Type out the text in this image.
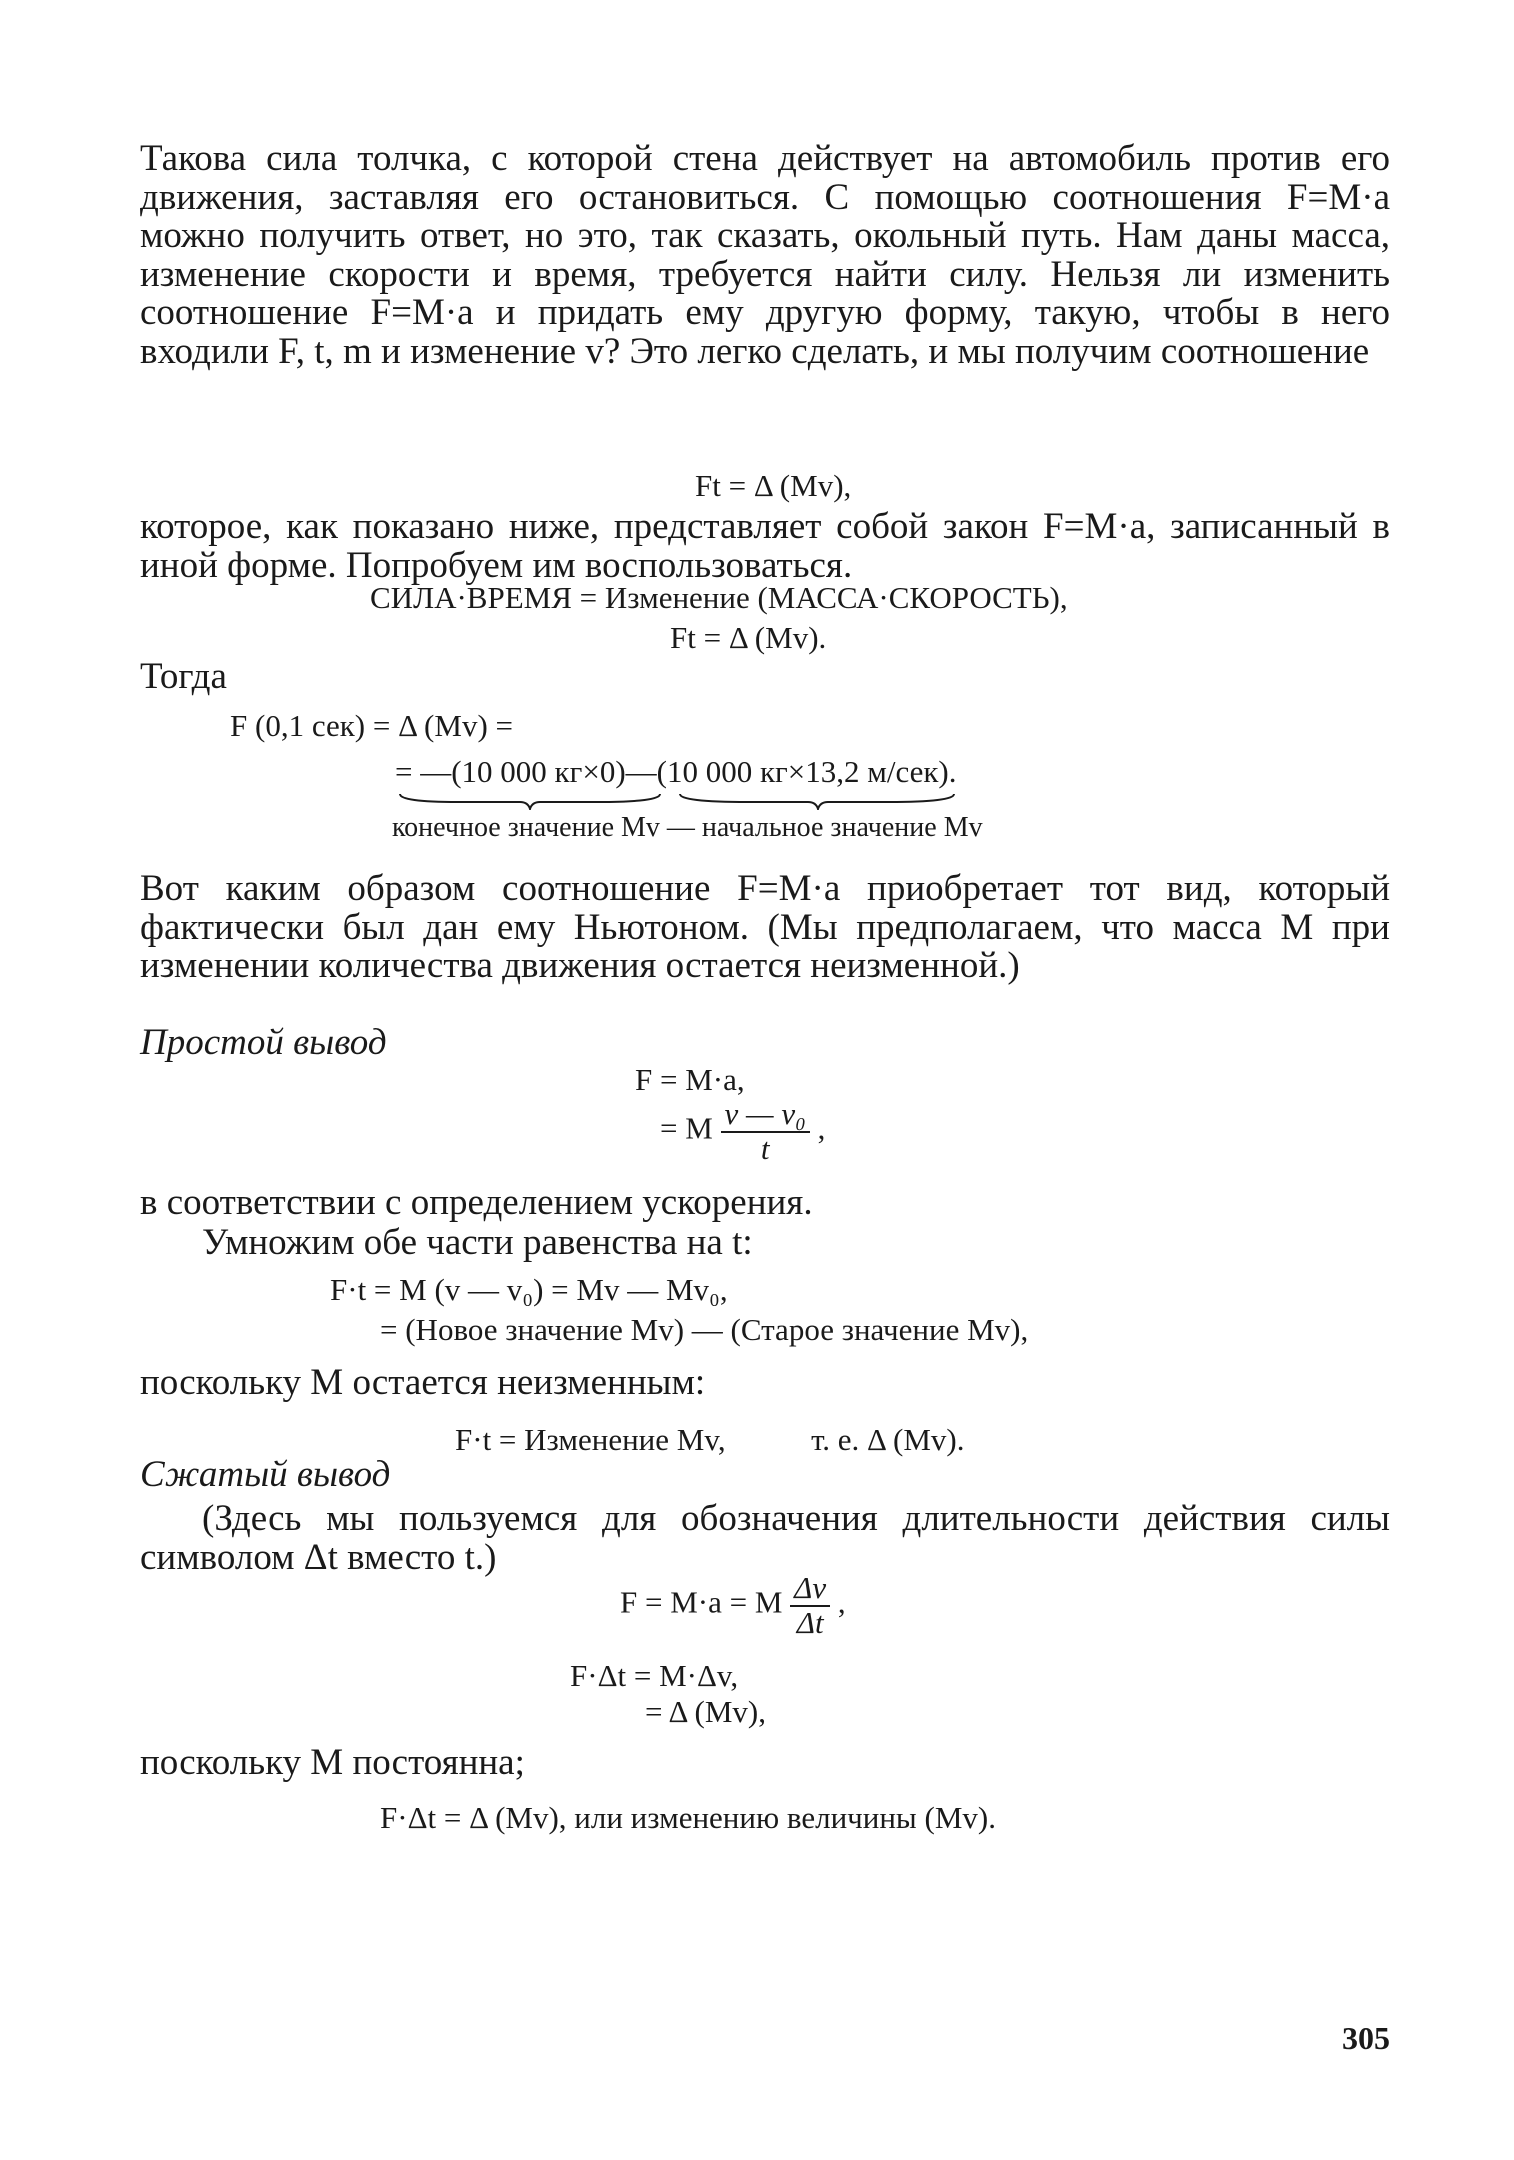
Такова сила толчка, с которой стена действует на автомобиль против его движения, заставляя его остановиться. С помощью соотношения F=M·a можно получить ответ, но это, так сказать, окольный путь. Нам даны масса, изменение скорости и время, требуется найти силу. Нельзя ли изменить соотношение F=M·a и придать ему другую форму, такую, чтобы в него входили F, t, m и изменение v? Это легко сделать, и мы получим соотношение
Ft = Δ (Mv),
которое, как показано ниже, представляет собой закон F=M·a, записанный в иной форме. Попробуем им воспользоваться.
СИЛА·ВРЕМЯ = Изменение (МАССА·СКОРОСТЬ),
Ft = Δ (Mv).
Тогда
F (0,1 сек) = Δ (Mv) =
= —(10 000 кг×0)—(10 000 кг×13,2 м/сек).
конечное значение Mv — начальное значение Mv
Вот каким образом соотношение F=M·a приобретает тот вид, который фактически был дан ему Ньютоном. (Мы предполагаем, что масса M при изменении количества движения остается неизменной.)
Простой вывод
F = M·a,
= M $\frac{\text{v — v₀}}{t}$ ,
в соответствии с определением ускорения.
Умножим обе части равенства на t:
F·t = M (v — v₀) = Mv — Mv₀,
= (Новое значение Mv) — (Старое значение Mv),
поскольку M остается неизменным:
F·t = Изменение Mv,	т. е. Δ (Mv).
Сжатый вывод
(Здесь мы пользуемся для обозначения длительности действия силы символом Δt вместо t.)
F = M·a = M $\frac{\Delta v}{\Delta t}$ ,
F·Δt = M·Δv,
= Δ (Mv),
поскольку M постоянна;
F·Δt = Δ (Mv), или изменению величины (Mv).
305
